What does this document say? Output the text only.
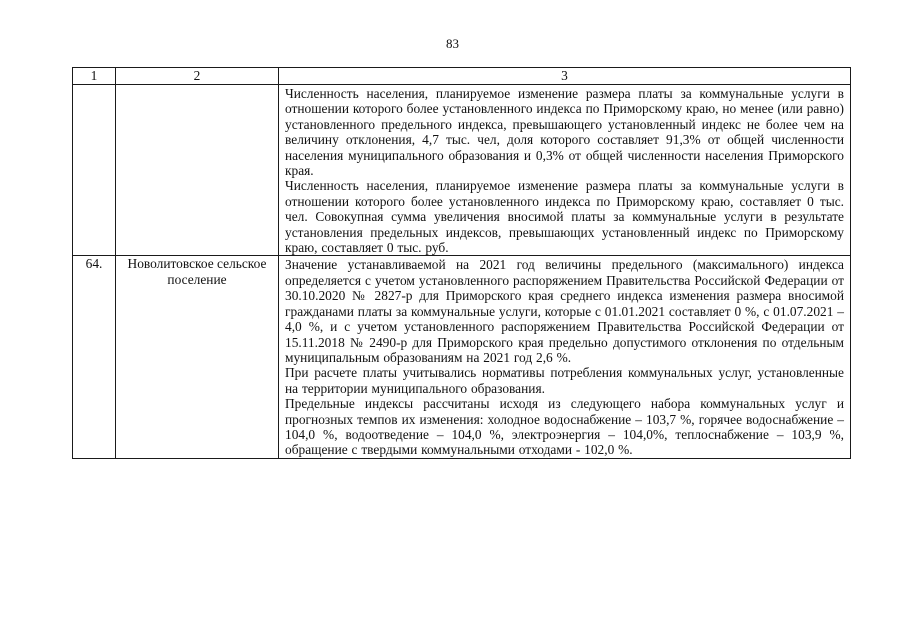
83
1	2	3

		Численность населения, планируемое изменение размера платы за коммунальные услуги в отношении которого более установленного индекса по Приморскому краю, но менее (или равно) установленного предельного индекса, превышающего установленный индекс не более чем на величину отклонения, 4,7 тыс. чел, доля которого составляет 91,3% от общей численности населения муниципального образования и 0,3% от общей численности населения Приморского края.

Численность населения, планируемое изменение размера платы за коммунальные услуги в отношении которого более установленного индекса по Приморскому краю, составляет 0 тыс. чел. Совокупная сумма увеличения вносимой платы за коммунальные услуги в результате установления предельных индексов, превышающих установленный индекс по Приморскому краю, составляет 0 тыс. руб.

64.	Новолитовское сельское поселение	Значение устанавливаемой на 2021 год величины предельного (максимального) индекса определяется с учетом установленного распоряжением Правительства Российской Федерации от 30.10.2020 № 2827-р для Приморского края среднего индекса изменения размера вносимой гражданами платы за коммунальные услуги, которые с 01.01.2021 составляет 0 %, с 01.07.2021 – 4,0 %, и с учетом установленного распоряжением Правительства Российской Федерации от 15.11.2018 № 2490-р для Приморского края предельно допустимого отклонения по отдельным муниципальным образованиям на 2021 год 2,6 %.

При расчете платы учитывались нормативы потребления коммунальных услуг, установленные на территории муниципального образования.

Предельные индексы рассчитаны исходя из следующего набора коммунальных услуг и прогнозных темпов их изменения: холодное водоснабжение – 103,7 %, горячее водоснабжение – 104,0 %, водоотведение – 104,0 %, электроэнергия – 104,0%, теплоснабжение – 103,9 %, обращение с твердыми коммунальными отходами - 102,0 %.
